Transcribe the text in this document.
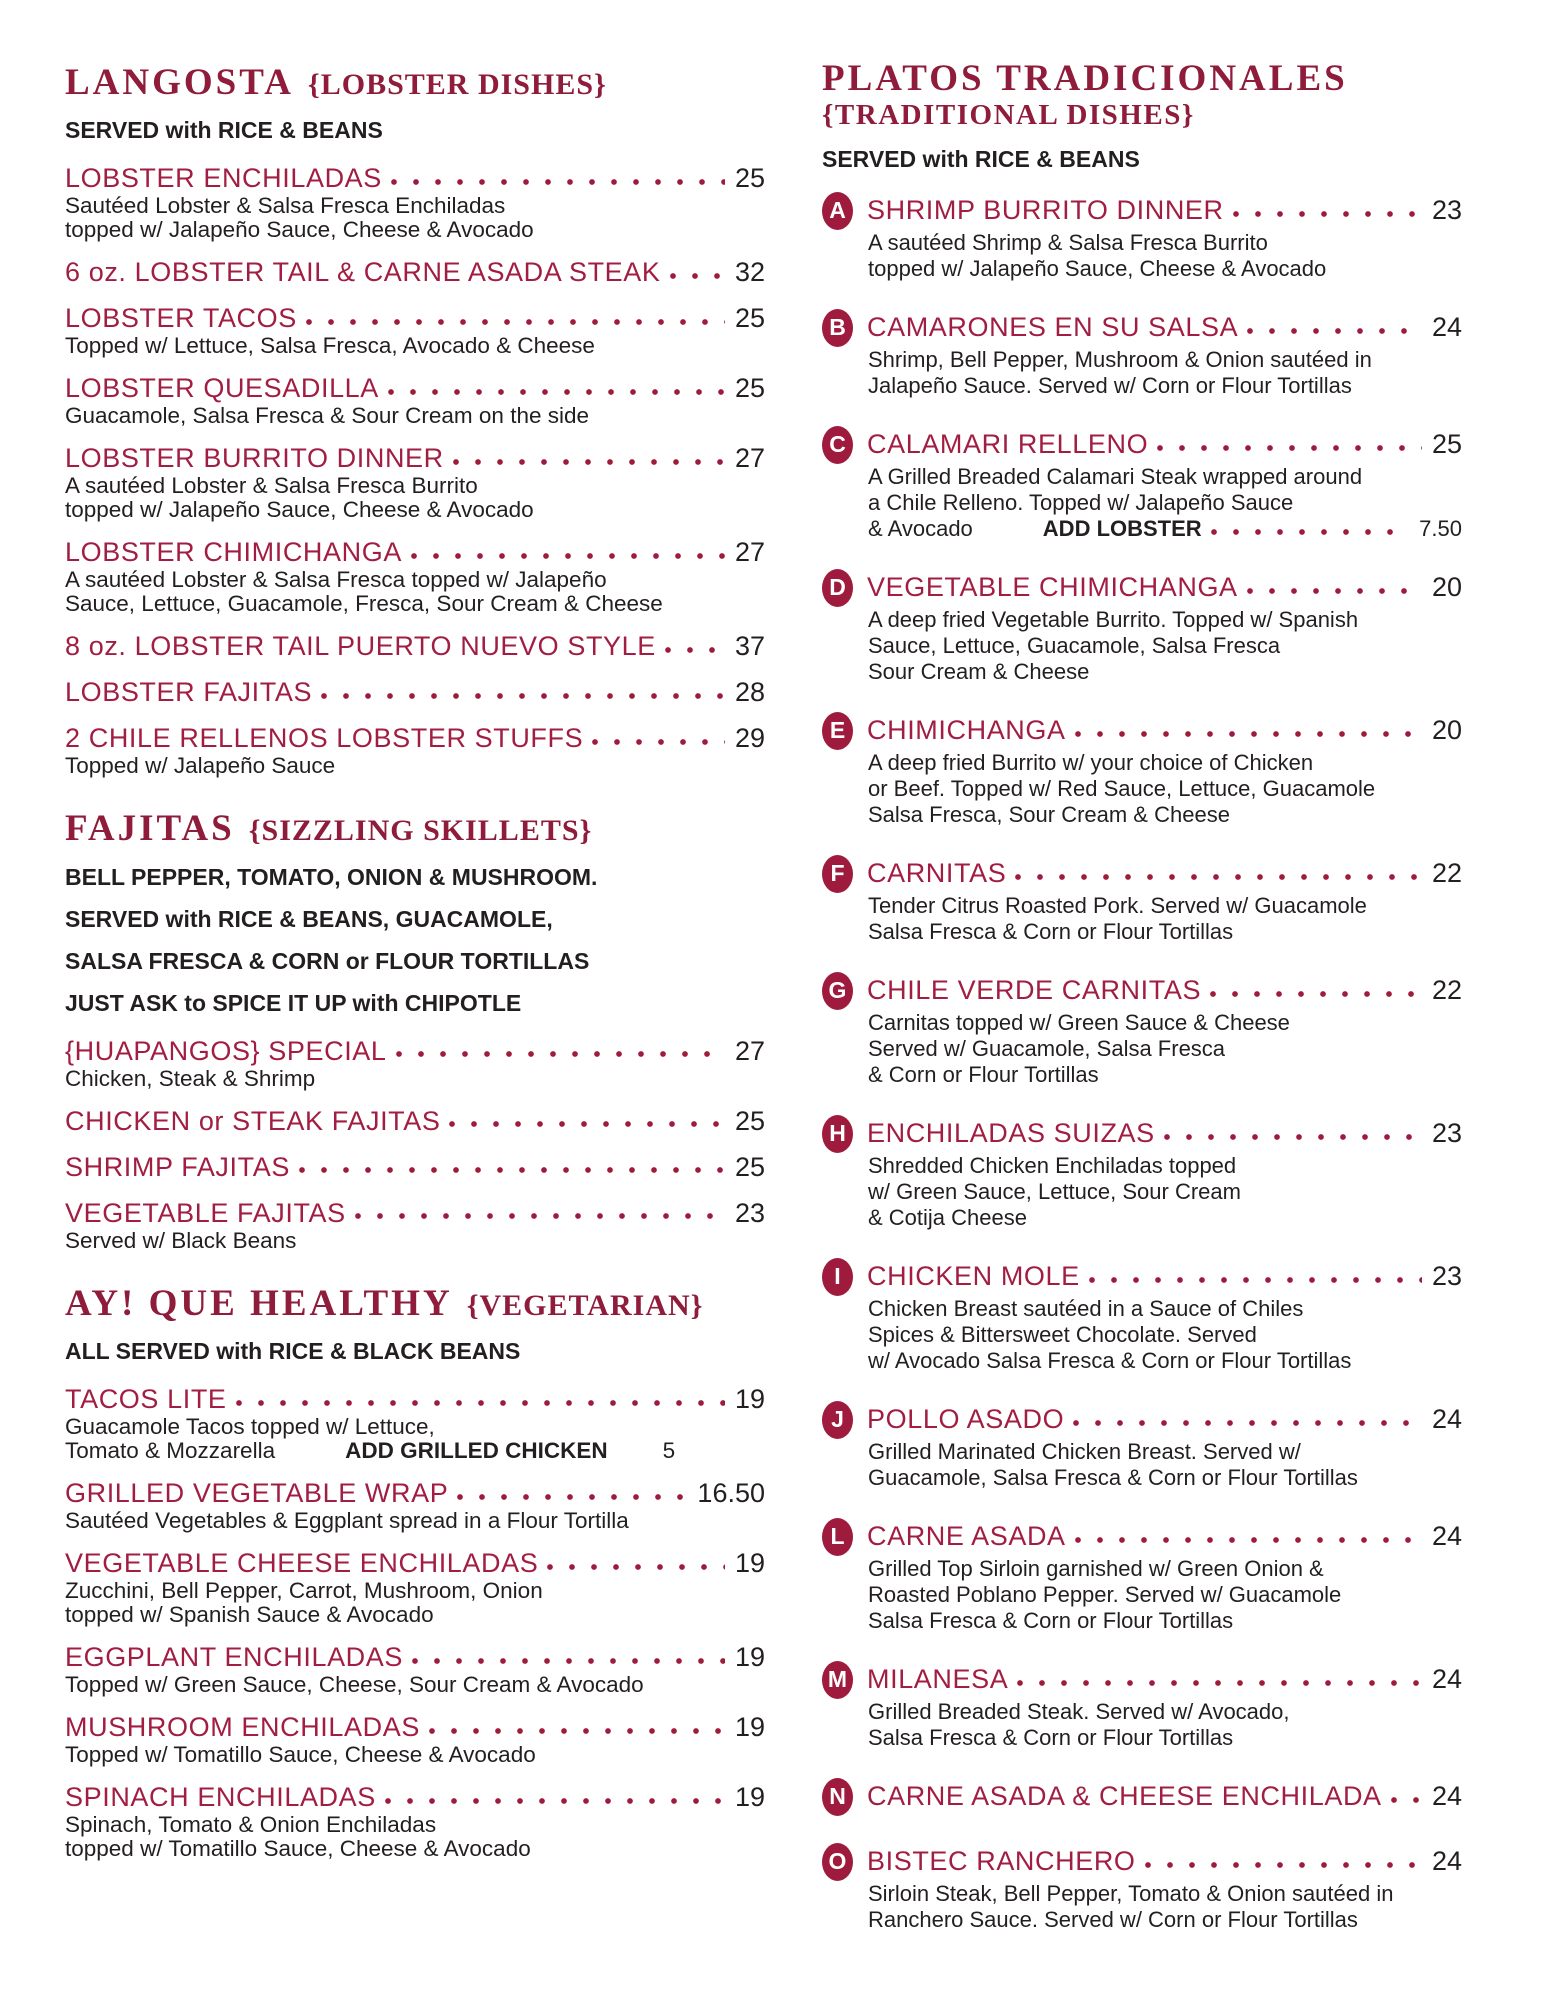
LANGOSTA {LOBSTER DISHES}
SERVED with RICE & BEANS
LOBSTER ENCHILADAS	25
Sautéed Lobster & Salsa Fresca Enchiladas
topped w/ Jalapeño Sauce, Cheese & Avocado
6 oz. LOBSTER TAIL & CARNE ASADA STEAK	32
LOBSTER TACOS	25
Topped w/ Lettuce, Salsa Fresca, Avocado & Cheese
LOBSTER QUESADILLA	25
Guacamole, Salsa Fresca & Sour Cream on the side
LOBSTER BURRITO DINNER	27
A sautéed Lobster & Salsa Fresca Burrito
topped w/ Jalapeño Sauce, Cheese & Avocado
LOBSTER CHIMICHANGA	27
A sautéed Lobster & Salsa Fresca topped w/ Jalapeño
Sauce, Lettuce, Guacamole, Fresca, Sour Cream & Cheese
8 oz. LOBSTER TAIL PUERTO NUEVO STYLE	37
LOBSTER FAJITAS	28
2 CHILE RELLENOS LOBSTER STUFFS	29
Topped w/ Jalapeño Sauce
FAJITAS {SIZZLING SKILLETS}
BELL PEPPER, TOMATO, ONION & MUSHROOM.
SERVED with RICE & BEANS, GUACAMOLE,
SALSA FRESCA & CORN or FLOUR TORTILLAS
JUST ASK to SPICE IT UP with CHIPOTLE
{HUAPANGOS} SPECIAL	27
Chicken, Steak & Shrimp
CHICKEN or STEAK FAJITAS	25
SHRIMP FAJITAS	25
VEGETABLE FAJITAS	23
Served w/ Black Beans
AY! QUE HEALTHY {VEGETARIAN}
ALL SERVED with RICE & BLACK BEANS
TACOS LITE	19
Guacamole Tacos topped w/ Lettuce,
Tomato & Mozzarella	ADD GRILLED CHICKEN 5
GRILLED VEGETABLE WRAP	16.50
Sautéed Vegetables & Eggplant spread in a Flour Tortilla
VEGETABLE CHEESE ENCHILADAS	19
Zucchini, Bell Pepper, Carrot, Mushroom, Onion
topped w/ Spanish Sauce & Avocado
EGGPLANT ENCHILADAS	19
Topped w/ Green Sauce, Cheese, Sour Cream & Avocado
MUSHROOM ENCHILADAS	19
Topped w/ Tomatillo Sauce, Cheese & Avocado
SPINACH ENCHILADAS	19
Spinach, Tomato & Onion Enchiladas
topped w/ Tomatillo Sauce, Cheese & Avocado
PLATOS TRADICIONALES
{TRADITIONAL DISHES}
SERVED with RICE & BEANS
A SHRIMP BURRITO DINNER	23
A sautéed Shrimp & Salsa Fresca Burrito
topped w/ Jalapeño Sauce, Cheese & Avocado
B CAMARONES EN SU SALSA	24
Shrimp, Bell Pepper, Mushroom & Onion sautéed in
Jalapeño Sauce. Served w/ Corn or Flour Tortillas
C CALAMARI RELLENO	25
A Grilled Breaded Calamari Steak wrapped around
a Chile Relleno. Topped w/ Jalapeño Sauce
& Avocado	ADD LOBSTER	7.50
D VEGETABLE CHIMICHANGA	20
A deep fried Vegetable Burrito. Topped w/ Spanish
Sauce, Lettuce, Guacamole, Salsa Fresca
Sour Cream & Cheese
E CHIMICHANGA	20
A deep fried Burrito w/ your choice of Chicken
or Beef. Topped w/ Red Sauce, Lettuce, Guacamole
Salsa Fresca, Sour Cream & Cheese
F CARNITAS	22
Tender Citrus Roasted Pork. Served w/ Guacamole
Salsa Fresca & Corn or Flour Tortillas
G CHILE VERDE CARNITAS	22
Carnitas topped w/ Green Sauce & Cheese
Served w/ Guacamole, Salsa Fresca
& Corn or Flour Tortillas
H ENCHILADAS SUIZAS	23
Shredded Chicken Enchiladas topped
w/ Green Sauce, Lettuce, Sour Cream
& Cotija Cheese
I CHICKEN MOLE	23
Chicken Breast sautéed in a Sauce of Chiles
Spices & Bittersweet Chocolate. Served
w/ Avocado Salsa Fresca & Corn or Flour Tortillas
J POLLO ASADO	24
Grilled Marinated Chicken Breast. Served w/
Guacamole, Salsa Fresca & Corn or Flour Tortillas
L CARNE ASADA	24
Grilled Top Sirloin garnished w/ Green Onion &
Roasted Poblano Pepper. Served w/ Guacamole
Salsa Fresca & Corn or Flour Tortillas
M MILANESA	24
Grilled Breaded Steak. Served w/ Avocado,
Salsa Fresca & Corn or Flour Tortillas
N CARNE ASADA & CHEESE ENCHILADA 24
O BISTEC RANCHERO	24
Sirloin Steak, Bell Pepper, Tomato & Onion sautéed in
Ranchero Sauce. Served w/ Corn or Flour Tortillas
